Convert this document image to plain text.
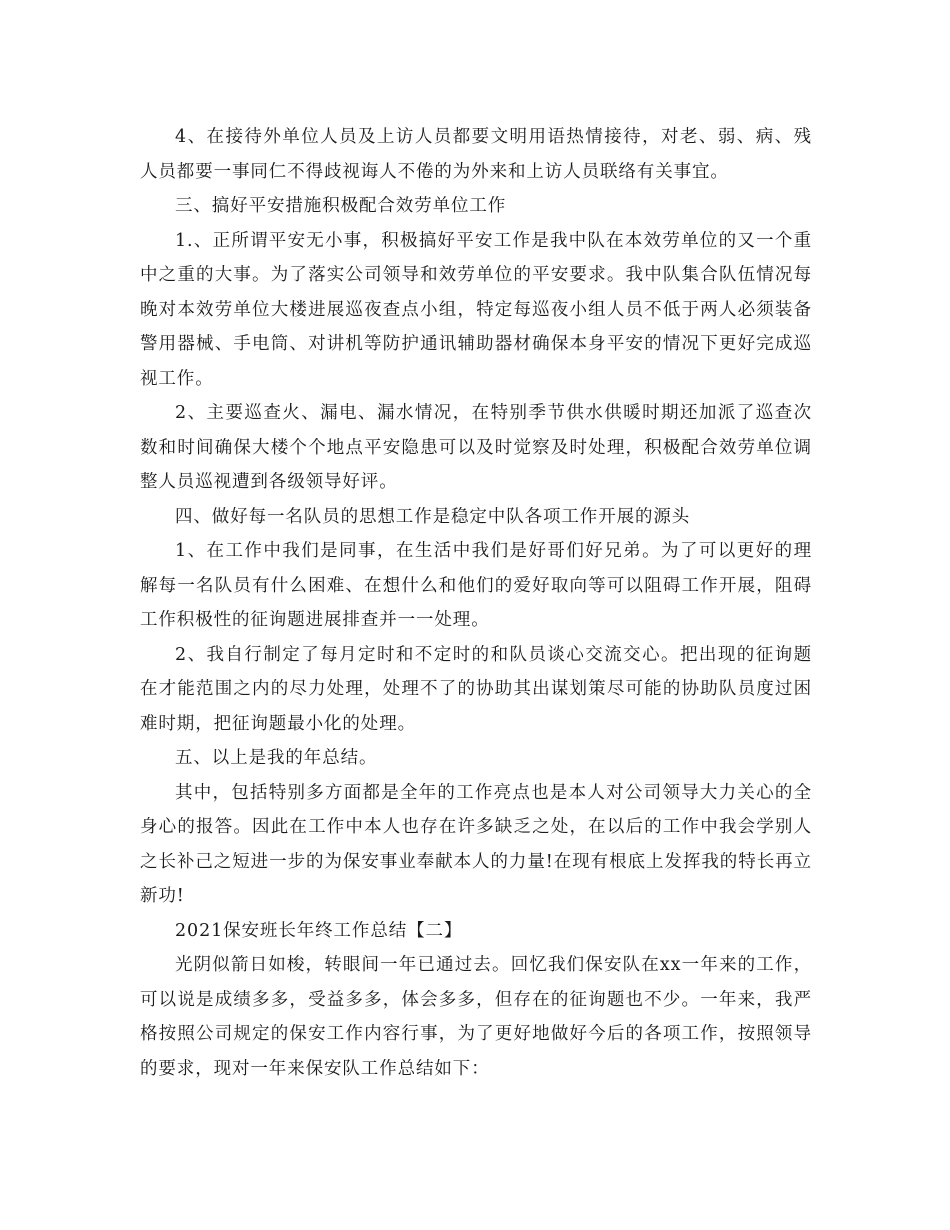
4、在接待外单位人员及上访人员都要文明用语热情接待，对老、弱、病、残人员都要一事同仁不得歧视诲人不倦的为外来和上访人员联络有关事宜。

三、搞好平安措施积极配合效劳单位工作

1.、正所谓平安无小事，积极搞好平安工作是我中队在本效劳单位的又一个重中之重的大事。为了落实公司领导和效劳单位的平安要求。我中队集合队伍情况每晚对本效劳单位大楼进展巡夜查点小组，特定每巡夜小组人员不低于两人必须装备警用器械、手电筒、对讲机等防护通讯辅助器材确保本身平安的情况下更好完成巡视工作。

2、主要巡查火、漏电、漏水情况，在特别季节供水供暖时期还加派了巡查次数和时间确保大楼个个地点平安隐患可以及时觉察及时处理，积极配合效劳单位调整人员巡视遭到各级领导好评。

四、做好每一名队员的思想工作是稳定中队各项工作开展的源头

1、在工作中我们是同事，在生活中我们是好哥们好兄弟。为了可以更好的理解每一名队员有什么困难、在想什么和他们的爱好取向等可以阻碍工作开展，阻碍工作积极性的征询题进展排查并一一处理。

2、我自行制定了每月定时和不定时的和队员谈心交流交心。把出现的征询题在才能范围之内的尽力处理，处理不了的协助其出谋划策尽可能的协助队员度过困难时期，把征询题最小化的处理。

五、以上是我的年总结。

其中，包括特别多方面都是全年的工作亮点也是本人对公司领导大力关心的全身心的报答。因此在工作中本人也存在许多缺乏之处，在以后的工作中我会学别人之长补己之短进一步的为保安事业奉献本人的力量!在现有根底上发挥我的特长再立新功!

2021保安班长年终工作总结【二】

光阴似箭日如梭，转眼间一年已通过去。回忆我们保安队在xx一年来的工作，可以说是成绩多多，受益多多，体会多多，但存在的征询题也不少。一年来，我严格按照公司规定的保安工作内容行事，为了更好地做好今后的各项工作，按照领导的要求，现对一年来保安队工作总结如下：
